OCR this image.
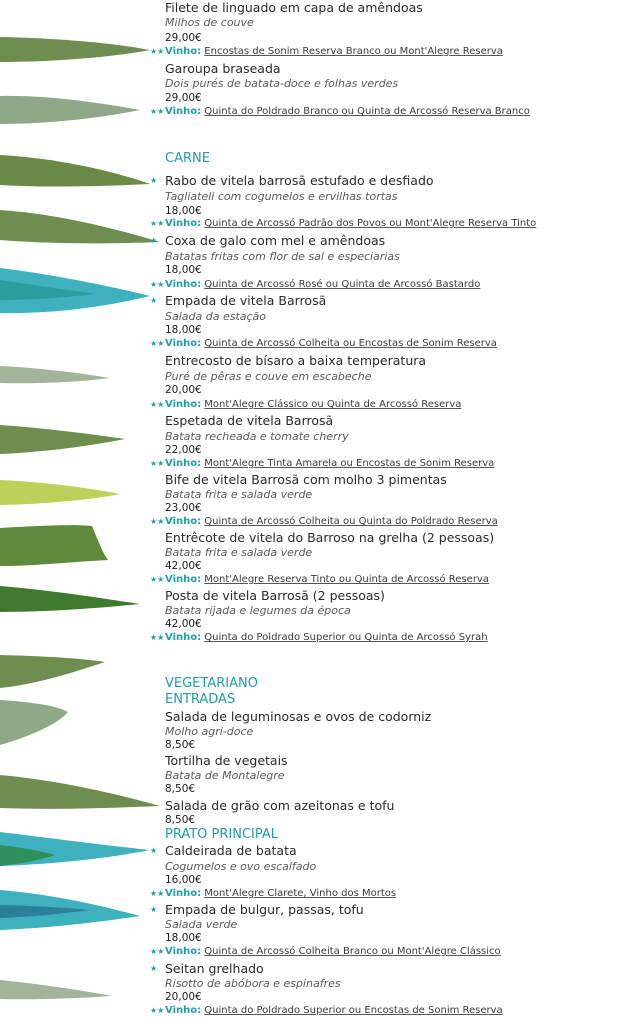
Filete de linguado em capa de amêndoas
Milhos de couve
29,00€
★★ Vinho: Encostas de Sonim Reserva Branco ou Mont'Alegre Reserva
Garoupa braseada
Dois purés de batata-doce e folhas verdes
29,00€
★★ Vinho: Quinta do Poldrado Branco ou Quinta de Arcossó Reserva Branco
CARNE
★ Rabo de vitela barrosã estufado e desfiado
Tagliateli com cogumelos e ervilhas tortas
18,00€
★★ Vinho: Quinta de Arcossó Padrão dos Povos ou Mont'Alegre Reserva Tinto
★ Coxa de galo com mel e amêndoas
Batatas fritas com flor de sal e especiarias
18,00€
★★ Vinho: Quinta de Arcossó Rosé ou Quinta de Arcossó Bastardo
★ Empada de vitela Barrosã
Salada da estação
18,00€
★★ Vinho: Quinta de Arcossó Colheita ou Encostas de Sonim Reserva
Entrecosto de bísaro a baixa temperatura
Puré de pêras e couve em escabeche
20,00€
★★ Vinho: Mont'Alegre Clássico ou Quinta de Arcossó Reserva
Espetada de vitela Barrosã
Batata recheada e tomate cherry
22,00€
★★ Vinho: Mont'Alegre Tinta Amarela ou Encostas de Sonim Reserva
Bife de vitela Barrosã com molho 3 pimentas
Batata frita e salada verde
23,00€
★★ Vinho: Quinta de Arcossó Colheita ou Quinta do Poldrado Reserva
Entrêcote de vitela do Barroso na grelha (2 pessoas)
Batata frita e salada verde
42,00€
★★ Vinho: Mont'Alegre Reserva Tinto ou Quinta de Arcossó Reserva
Posta de vitela Barrosã (2 pessoas)
Batata rijada e legumes da época
42,00€
★★ Vinho: Quinta do Poldrado Superior ou Quinta de Arcossó Syrah
VEGETARIANO
ENTRADAS
Salada de leguminosas e ovos de codorniz
Molho agri-doce
8,50€
Tortilha de vegetais
Batata de Montalegre
8,50€
Salada de grão com azeitonas e tofu
8,50€
PRATO PRINCIPAL
★ Caldeirada de batata
Cogumelos e ovo escalfado
16,00€
★★ Vinho: Mont'Alegre Clarete, Vinho dos Mortos
★ Empada de bulgur, passas, tofu
Salada verde
18,00€
★★ Vinho: Quinta de Arcossó Colheita Branco ou Mont'Alegre Clássico
★ Seitan grelhado
Risotto de abóbora e espinafres
20,00€
★★ Vinho: Quinta do Poldrado Superior ou Encostas de Sonim Reserva
